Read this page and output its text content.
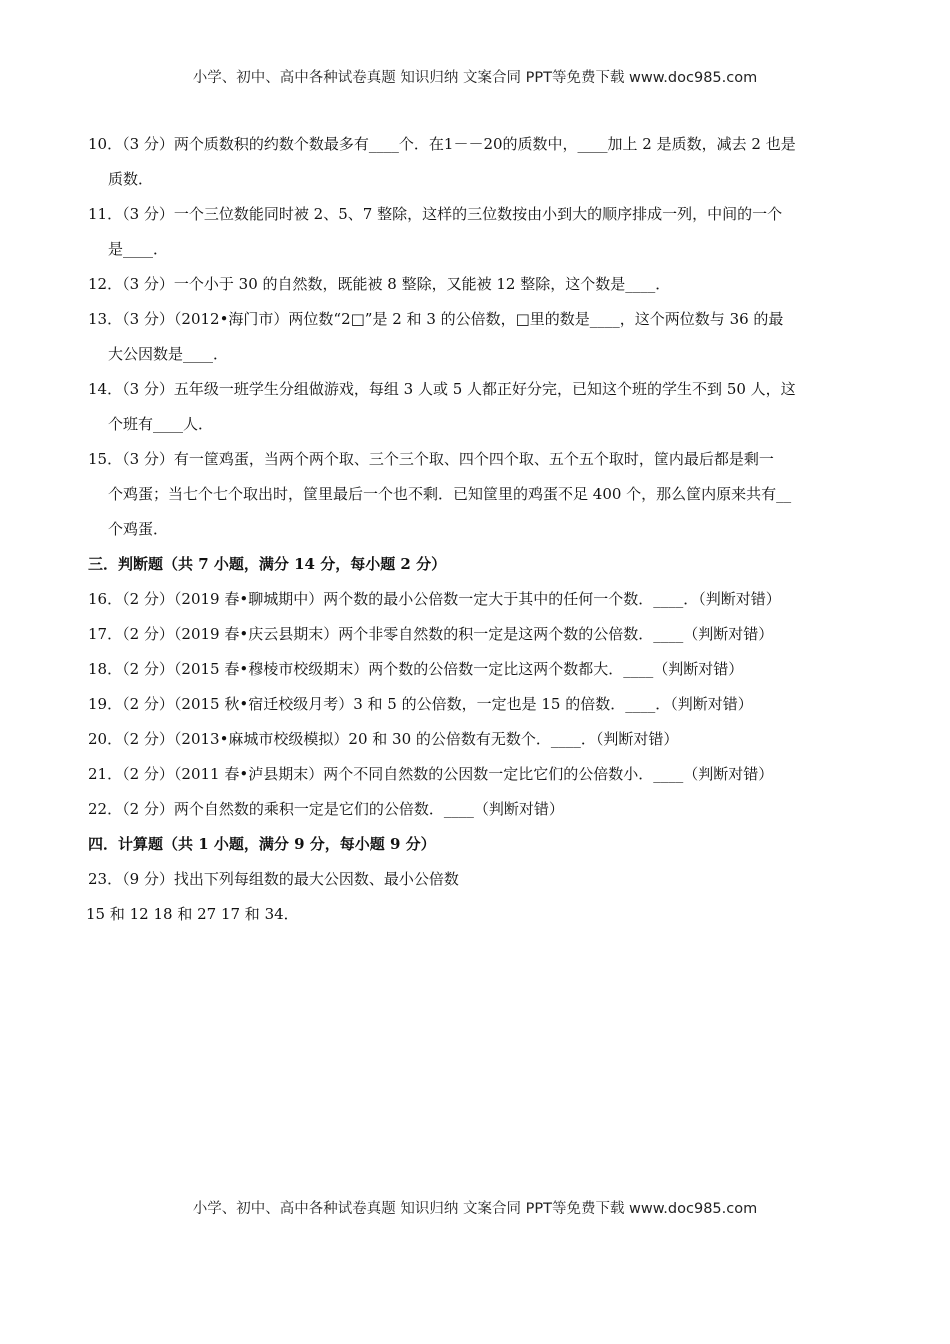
小学、初中、高中各种试卷真题 知识归纳 文案合同 PPT等免费下载 www.doc985.com
10．（3 分）两个质数积的约数个数最多有____个．在1－－20的质数中，____加上 2 是质数，减去 2 也是
质数．
11．（3 分）一个三位数能同时被 2、5、7 整除，这样的三位数按由小到大的顺序排成一列，中间的一个
是____．
12．（3 分）一个小于 30 的自然数，既能被 8 整除，又能被 12 整除，这个数是____．
13．（3 分）（2012•海门市）两位数“2□”是 2 和 3 的公倍数，□里的数是____，这个两位数与 36 的最
大公因数是____．
14．（3 分）五年级一班学生分组做游戏，每组 3 人或 5 人都正好分完，已知这个班的学生不到 50 人，这
个班有____人．
15．（3 分）有一筐鸡蛋，当两个两个取、三个三个取、四个四个取、五个五个取时，筐内最后都是剩一
个鸡蛋；当七个七个取出时，筐里最后一个也不剩．已知筐里的鸡蛋不足 400 个，那么筐内原来共有__
个鸡蛋．
三．判断题（共 7 小题，满分 14 分，每小题 2 分）
16．（2 分）（2019 春•聊城期中）两个数的最小公倍数一定大于其中的任何一个数．____．（判断对错）
17．（2 分）（2019 春•庆云县期末）两个非零自然数的积一定是这两个数的公倍数．____（判断对错）
18．（2 分）（2015 春•穆棱市校级期末）两个数的公倍数一定比这两个数都大．____（判断对错）
19．（2 分）（2015 秋•宿迁校级月考）3 和 5 的公倍数，一定也是 15 的倍数．____．（判断对错）
20．（2 分）（2013•麻城市校级模拟）20 和 30 的公倍数有无数个．____．（判断对错）
21．（2 分）（2011 春•泸县期末）两个不同自然数的公因数一定比它们的公倍数小．____（判断对错）
22．（2 分）两个自然数的乘积一定是它们的公倍数．____（判断对错）
四．计算题（共 1 小题，满分 9 分，每小题 9 分）
23．（9 分）找出下列每组数的最大公因数、最小公倍数
15 和 12 18 和 27 17 和 34．
小学、初中、高中各种试卷真题 知识归纳 文案合同 PPT等免费下载 www.doc985.com
